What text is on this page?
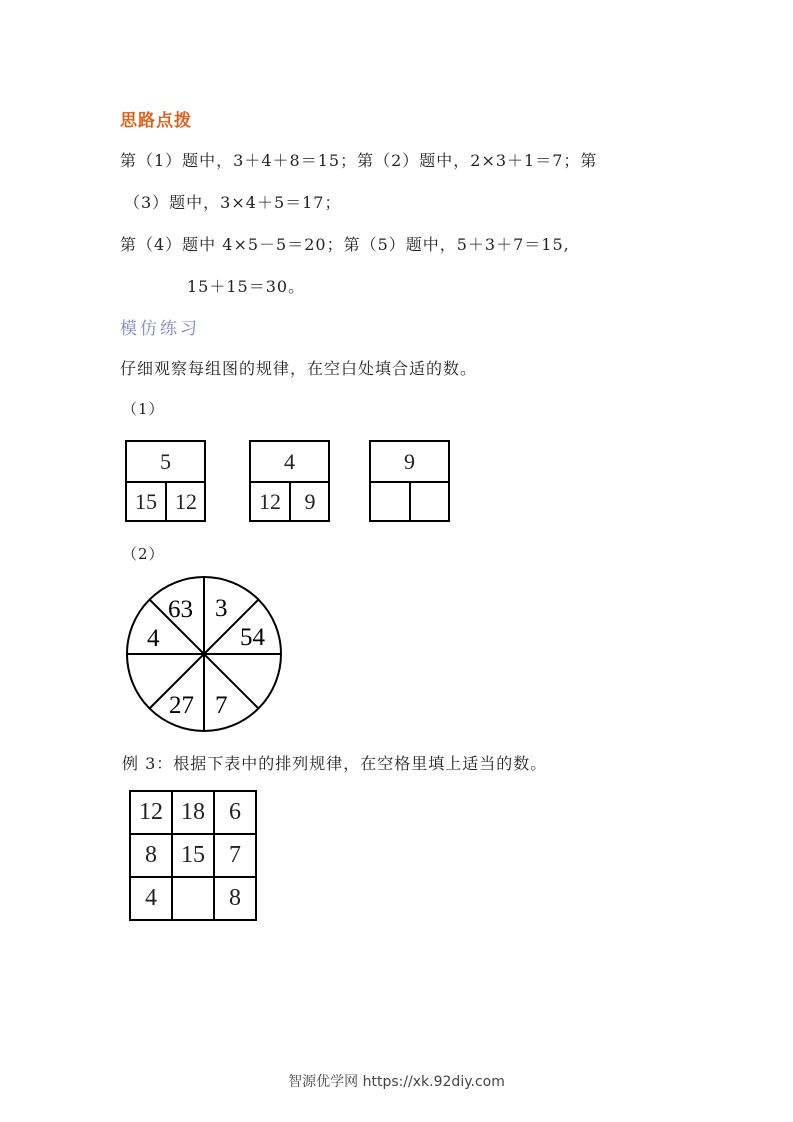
思路点拨
第（1）题中，3＋4＋8＝15；第（2）题中，2×3＋1＝7；第
（3）题中，3×4＋5＝17；
第（4）题中 4×5－5＝20；第（5）题中，5＋3＋7＝15,
15＋15＝30。
模仿练习
仔细观察每组图的规律，在空白处填合适的数。
（1）
5
15 12
4
12	9
9
（2）
63 3
4	54
27 7
例 3：根据下表中的排列规律，在空格里填上适当的数。
12	18	6
8	15	7
4		8
智源优学网 https://xk.92diy.com
